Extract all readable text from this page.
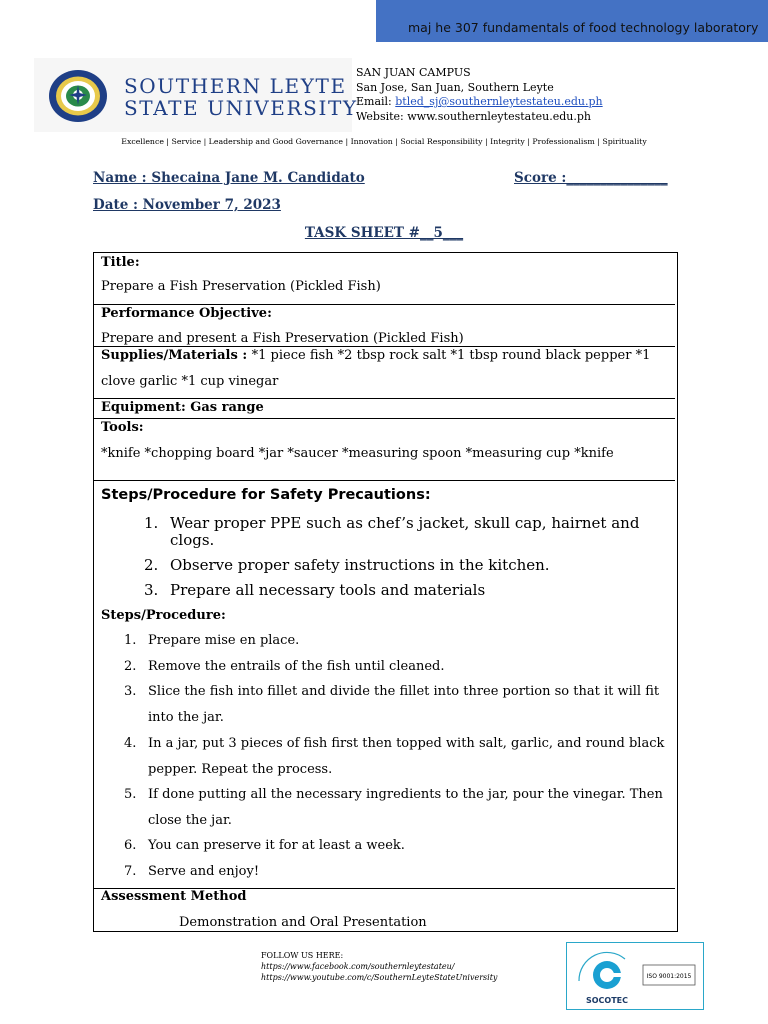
maj he 307 fundamentals of food technology laboratory
SOUTHERN LEYTE
STATE UNIVERSITY
SAN JUAN CAMPUS
San Jose, San Juan, Southern Leyte
Email: btled_sj@southernleytestateu.edu.ph
Website: www.southernleytestateu.edu.ph
Excellence | Service | Leadership and Good Governance | Innovation | Social Responsibility | Integrity | Professionalism | Spirituality
Name : Shecaina Jane M. Candidato	Score :_______________
Date : November 7, 2023
TASK SHEET #__5___
Title:
Prepare a Fish Preservation (Pickled Fish)
Performance Objective:
Prepare and present a Fish Preservation (Pickled Fish)
Supplies/Materials : *1 piece fish *2 tbsp rock salt *1 tbsp round black pepper *1
clove garlic *1 cup vinegar
Equipment: Gas range
Tools:
*knife *chopping board *jar *saucer *measuring spoon *measuring cup *knife
Steps/Procedure for Safety Precautions:
1. Wear proper PPE such as chef’s jacket, skull cap, hairnet and clogs.
2. Observe proper safety instructions in the kitchen.
3. Prepare all necessary tools and materials
Steps/Procedure:
1. Prepare mise en place.
2. Remove the entrails of the fish until cleaned.
3. Slice the fish into fillet and divide the fillet into three portion so that it will fit into the jar.
4. In a jar, put 3 pieces of fish first then topped with salt, garlic, and round black pepper. Repeat the process.
5. If done putting all the necessary ingredients to the jar, pour the vinegar. Then close the jar.
6. You can preserve it for at least a week.
7. Serve and enjoy!
Assessment Method
Demonstration and Oral Presentation
FOLLOW US HERE:
https://www.facebook.com/southernleytestateu/
https://www.youtube.com/c/SouthernLeyteStateUniversity	ISO 9001:2015
SOCOTEC
